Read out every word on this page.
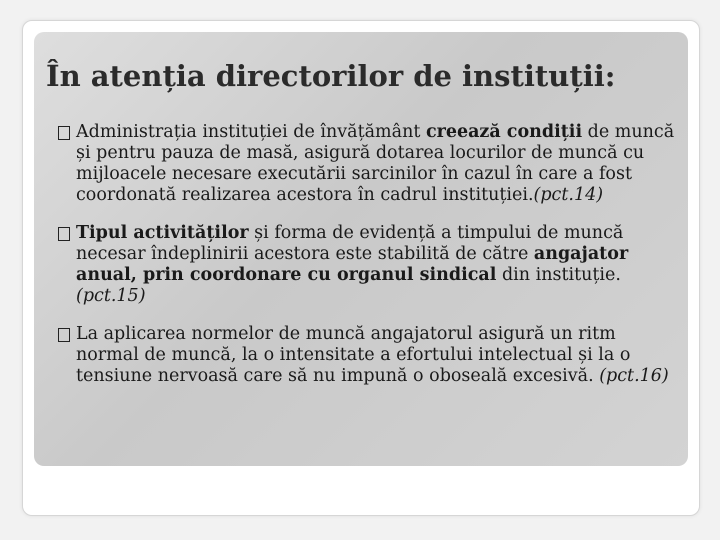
În atenția directorilor de instituții:

Administrația instituției de învățământ creează condiții de muncă și pentru pauza de masă, asigură dotarea locurilor de muncă cu mijloacele necesare executării sarcinilor în cazul în care a fost coordonată realizarea acestora în cadrul instituției.(pct.14)

Tipul activităților și forma de evidență a timpului de muncă necesar îndeplinirii acestora este stabilită de către angajator anual, prin coordonare cu organul sindical din instituție.(pct.15)

La aplicarea normelor de muncă angajatorul asigură un ritm normal de muncă, la o intensitate a efortului intelectual și la o tensiune nervoasă care să nu impună o oboseală excesivă. (pct.16)
